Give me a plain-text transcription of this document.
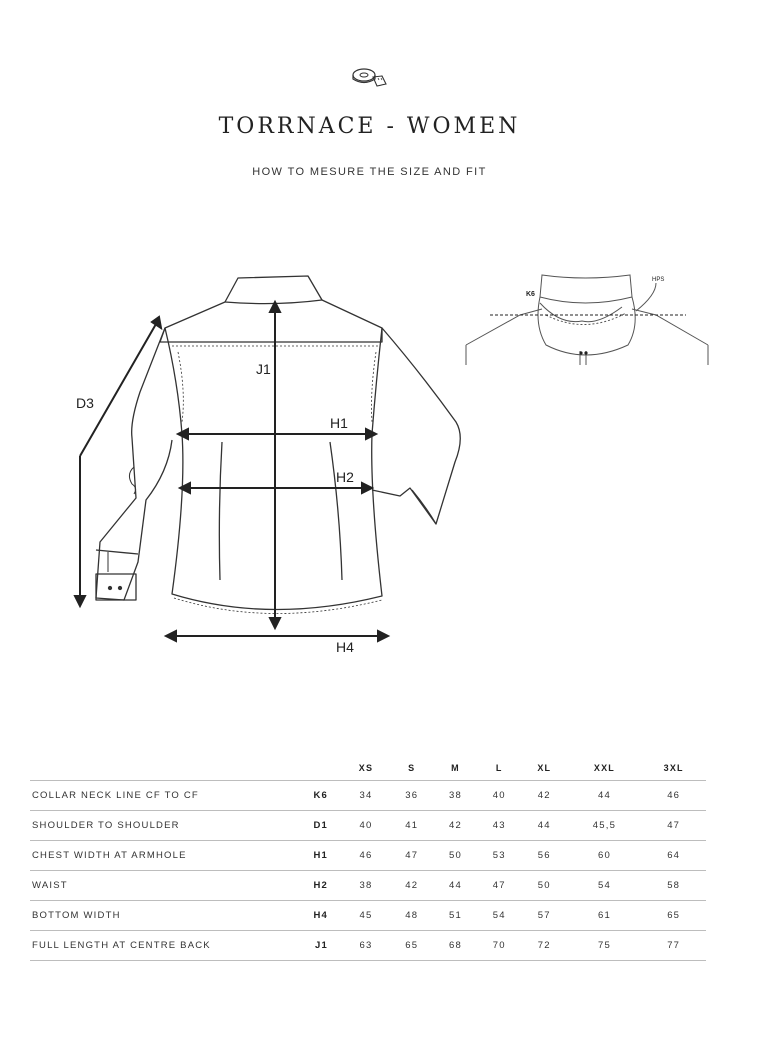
TORRNACE - WOMEN
HOW TO MESURE THE SIZE AND FIT
D3
J1
H1
H2
H4
K6
HPS
		XS	S	M	L	XL	XXL	3XL
COLLAR NECK LINE CF TO CF	K6	34	36	38	40	42	44	46
SHOULDER TO SHOULDER	D1	40	41	42	43	44	45,5	47
CHEST WIDTH AT ARMHOLE	H1	46	47	50	53	56	60	64
WAIST	H2	38	42	44	47	50	54	58
BOTTOM WIDTH	H4	45	48	51	54	57	61	65
FULL LENGTH AT CENTRE BACK	J1	63	65	68	70	72	75	77
